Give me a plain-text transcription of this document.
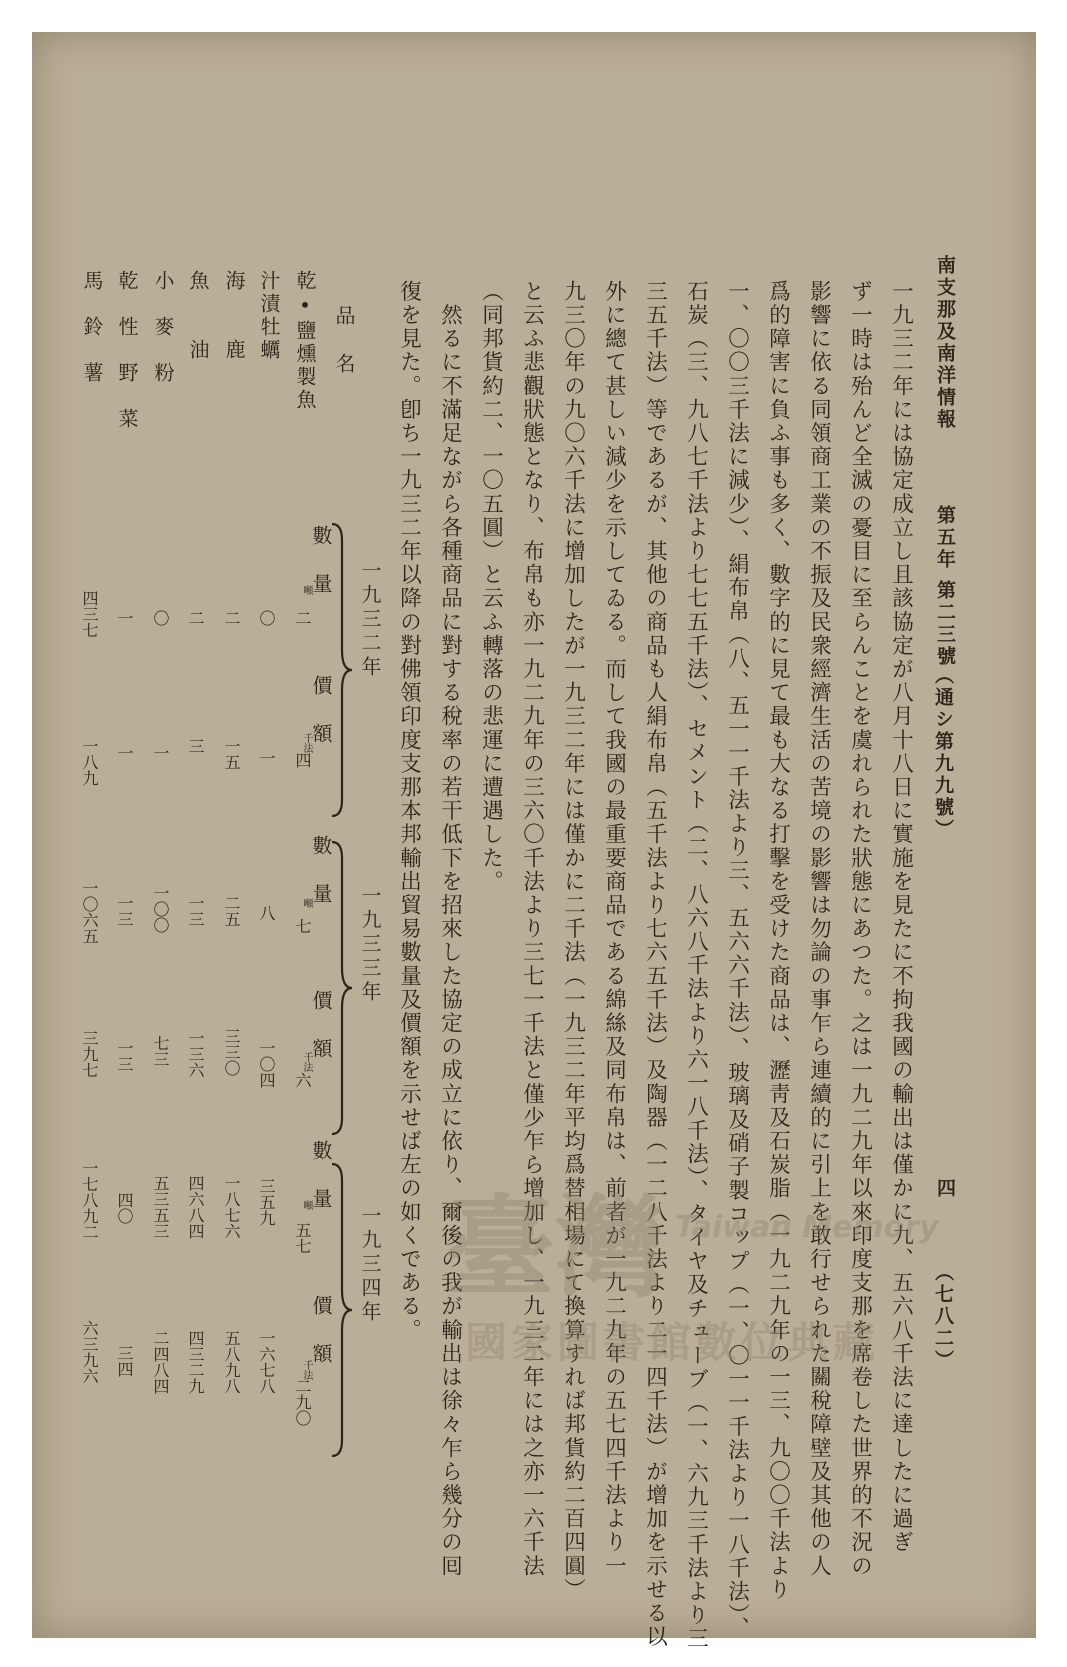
南支那及南洋情報
第五年
第二三號
（通シ第九九號）
四
（七八二）
一九三二年には協定成立し且該協定が八月十八日に實施を見たに不拘我國の輸出は僅かに九、五六八千法に達したに過ぎ
ず一時は殆んど全滅の憂目に至らんことを虞れられた狀態にあつた。之は一九二九年以來印度支那を席卷した世界的不況の
影響に依る同領商工業の不振及民衆經濟生活の苦境の影響は勿論の事乍ら連續的に引上を敢行せられた關稅障壁及其他の人
爲的障害に負ふ事も多く、數字的に見て最も大なる打擊を受けた商品は、瀝靑及石炭脂（一九二九年の一三、九〇〇千法より
一、〇〇三千法に減少）、絹布帛（八、五一一千法より三、五六六千法）、玻璃及硝子製コップ（一、〇一一千法より一八千法）、
石炭（三、九八七千法より七七五千法）、セメント（二、八六八千法より六一八千法）、タイヤ及チューブ（一、六九三千法より三
三五千法）等であるが、其他の商品も人絹布帛（五千法より七六五千法）及陶器（一二八千法より二一四千法）が增加を示せる以
外に總て甚しい減少を示してゐる。而して我國の最重要商品である綿絲及同布帛は、前者が一九二九年の五七四千法より一
九三〇年の九〇六千法に增加したが一九三二年には僅かに二千法（一九三二年平均爲替相場にて換算すれば邦貨約二百四圓）
と云ふ悲觀狀態となり、布帛も亦一九二九年の三六〇千法より三七一千法と僅少乍ら增加し、一九三二年には之亦一六千法
（同邦貨約二、一〇五圓）と云ふ轉落の悲運に遭遇した。
　然るに不滿足ながら各種商品に對する稅率の若干低下を招來した協定の成立に依り、爾後の我が輸出は徐々乍ら幾分の囘
復を見た。卽ち一九三二年以降の對佛領印度支那本邦輸出貿易數量及價額を示せば左の如くである。
品　名
乾•鹽燻製魚
汁漬牡蠣
海　　鹿
魚　　油
小　麥　粉
乾　性　野　菜
馬　鈴　薯
一九三二年
一九三三年
一九三四年
數　量
價　額
數　量
價　額
數　量
價　額
噸
千法
噸
千法
噸
千法
二
四
七
六
五七
二九〇
〇
一
八
一〇四
三五九
一六七八
二
一五
二五
三三〇
一八七六
五八九八
二
三
一三
一三六
四六八四
四三二九
〇
一
一〇〇
七三
五三五三
二四八四
一
一
一三
一三
四〇
三四
四三七
一八九
一〇六五
三九七
一七八九二
六三九六
臺灣 Taiwan Memory
國家圖書館數位典藏
